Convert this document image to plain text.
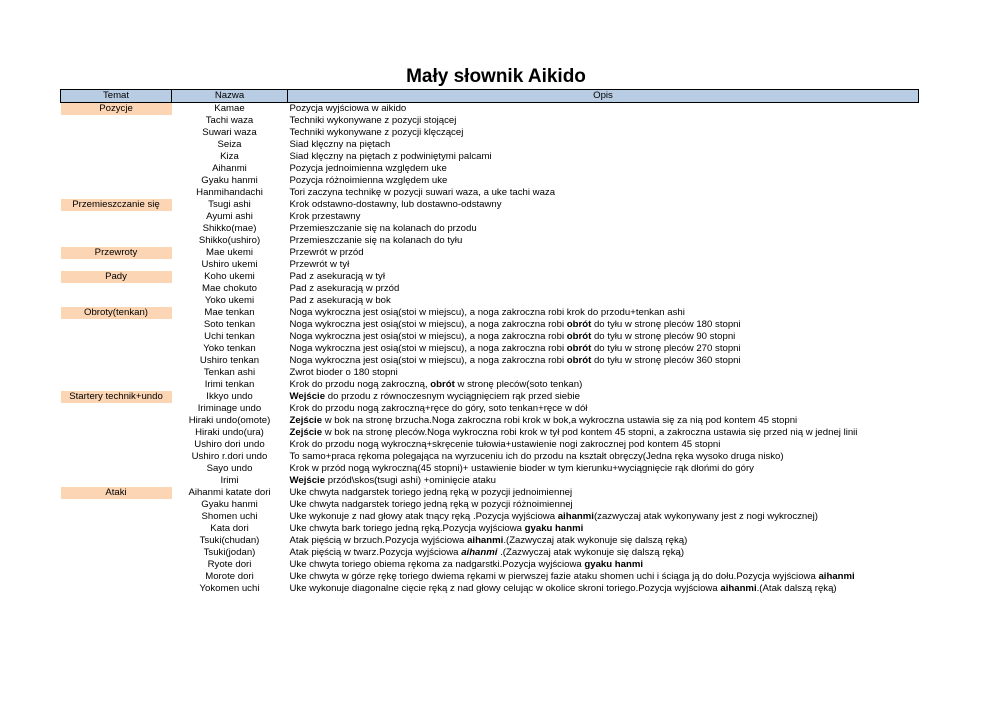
Mały słownik Aikido
Temat	Nazwa	Opis
Pozycje	Kamae	Pozycja wyjściowa w aikido
	Tachi waza	Techniki wykonywane z pozycji stojącej
	Suwari waza	Techniki wykonywane z pozycji klęczącej
	Seiza	Siad klęczny na piętach
	Kiza	Siad klęczny na piętach z podwiniętymi palcami
	Aihanmi	Pozycja jednoimienna względem uke
	Gyaku hanmi	Pozycja różnoimienna względem uke
	Hanmihandachi	Tori zaczyna technikę w pozycji suwari waza, a uke tachi waza
Przemieszczanie się	Tsugi ashi	Krok odstawno-dostawny, lub dostawno-odstawny
	Ayumi ashi	Krok przestawny
	Shikko(mae)	Przemieszczanie się na kolanach do przodu
	Shikko(ushiro)	Przemieszczanie się na kolanach do tyłu
Przewroty	Mae ukemi	Przewrót w przód
	Ushiro ukemi	Przewrót w tył
Pady	Koho ukemi	Pad z asekuracją w tył
	Mae chokuto	Pad z asekuracją w przód
	Yoko ukemi	Pad z asekuracją w bok
Obroty(tenkan)	Mae tenkan	Noga wykroczna jest osią(stoi w miejscu), a noga zakroczna robi krok do przodu+tenkan ashi
	Soto tenkan	Noga wykroczna jest osią(stoi w miejscu), a noga zakroczna robi obrót do tyłu w stronę pleców 180 stopni
	Uchi tenkan	Noga wykroczna jest osią(stoi w miejscu), a noga zakroczna robi obrót do tyłu w stronę pleców 90 stopni
	Yoko tenkan	Noga wykroczna jest osią(stoi w miejscu), a noga zakroczna robi obrót do tyłu w stronę pleców 270 stopni
	Ushiro tenkan	Noga wykroczna jest osią(stoi w miejscu), a noga zakroczna robi obrót do tyłu w stronę pleców 360 stopni
	Tenkan ashi	Zwrot bioder o 180 stopni
	Irimi tenkan	Krok do przodu nogą zakroczną, obrót w stronę pleców(soto tenkan)
Startery technik+undo	Ikkyo undo	Wejście do przodu z równoczesnym wyciągnięciem rąk przed siebie
	Iriminage undo	Krok do przodu nogą zakroczną+ręce do góry, soto tenkan+ręce w dół
	Hiraki undo(omote)	Zejście w bok na stronę brzucha.Noga zakroczna robi krok w bok,a wykroczna ustawia się za nią pod kontem 45 stopni
	Hiraki undo(ura)	Zejście w bok na stronę pleców.Noga wykroczna robi krok w tył pod kontem 45 stopni, a zakroczna ustawia się przed nią w jednej linii
	Ushiro dori undo	Krok do przodu nogą wykroczną+skręcenie tułowia+ustawienie nogi zakrocznej pod kontem 45 stopni
	Ushiro r.dori undo	To samo+praca rękoma polegająca na wyrzuceniu ich do przodu na kształt obręczy(Jedna ręka wysoko druga nisko)
	Sayo undo	Krok w przód nogą wykroczną(45 stopni)+ ustawienie bioder w tym kierunku+wyciągnięcie rąk dłońmi do góry
	Irimi	Wejście przód\skos(tsugi ashi) +ominięcie ataku
Ataki	Aihanmi katate dori	Uke chwyta nadgarstek toriego jedną ręką w pozycji jednoimiennej
	Gyaku hanmi	Uke chwyta nadgarstek toriego jedną ręką w pozycji różnoimiennej
	Shomen uchi	Uke wykonuje z nad głowy atak tnący ręką .Pozycja wyjściowa aihanmi(zazwyczaj atak wykonywany jest z nogi wykrocznej)
	Kata dori	Uke chwyta bark toriego jedną ręką.Pozycja wyjściowa gyaku hanmi
	Tsuki(chudan)	Atak pięścią w brzuch.Pozycja wyjściowa aihanmi.(Zazwyczaj atak wykonuje się dalszą ręką)
	Tsuki(jodan)	Atak pięścią w twarz.Pozycja wyjściowa aihanmi .(Zazwyczaj atak wykonuje się dalszą ręką)
	Ryote dori	Uke chwyta toriego obiema rękoma za nadgarstki.Pozycja wyjściowa gyaku hanmi
	Morote dori	Uke chwyta w górze rękę toriego dwiema rękami w pierwszej fazie ataku shomen uchi i ściąga ją do dołu.Pozycja wyjściowa aihanmi
	Yokomen uchi	Uke wykonuje diagonalne cięcie ręką z nad głowy celując w okolice skroni toriego.Pozycja wyjściowa aihanmi.(Atak dalszą ręką)
